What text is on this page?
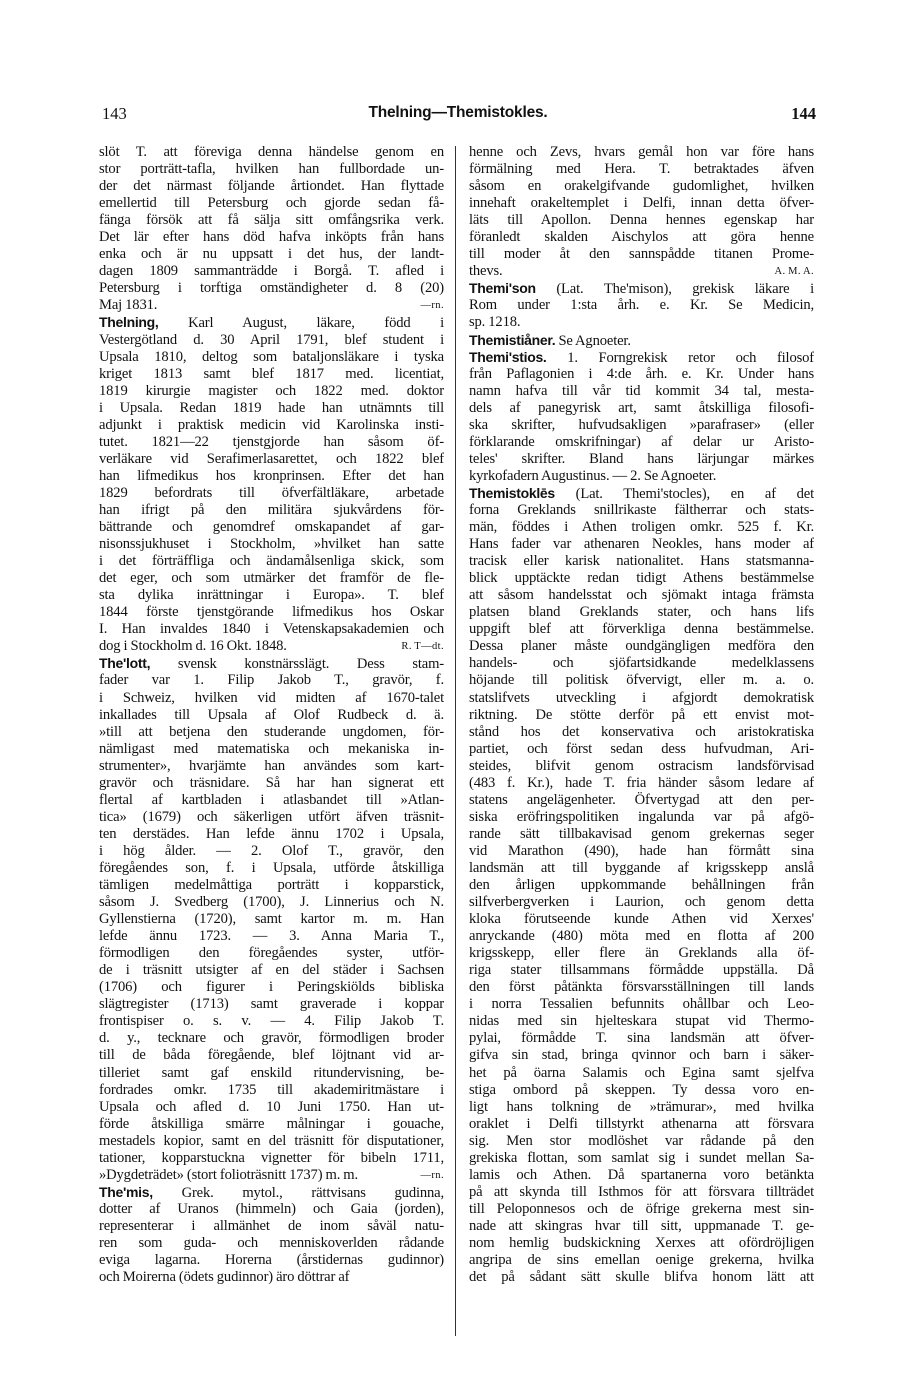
143	Thelning—Themistokles.	144
slöt T. att föreviga denna händelse genom en
stor porträtt-tafla, hvilken han fullbordade un-
der det närmast följande årtiondet. Han flyttade
emellertid till Petersburg och gjorde sedan få-
fänga försök att få sälja sitt omfångsrika verk.
Det lär efter hans död hafva inköpts från hans
enka och är nu uppsatt i det hus, der landt-
dagen 1809 sammanträdde i Borgå. T. afled i
Petersburg i torftiga omständigheter d. 8 (20)
Maj 1831.	—rn.
Thelning, Karl August, läkare, född i
Vestergötland d. 30 April 1791, blef student i
Upsala 1810, deltog som bataljonsläkare i tyska
kriget 1813 samt blef 1817 med. licentiat,
1819 kirurgie magister och 1822 med. doktor
i Upsala. Redan 1819 hade han utnämnts till
adjunkt i praktisk medicin vid Karolinska insti-
tutet. 1821—22 tjenstgjorde han såsom öf-
verläkare vid Serafimerlasarettet, och 1822 blef
han lifmedikus hos kronprinsen. Efter det han
1829 befordrats till öfverfältläkare, arbetade
han ifrigt på den militära sjukvårdens för-
bättrande och genomdref omskapandet af gar-
nisonssjukhuset i Stockholm, »hvilket han satte
i det förträffliga och ändamålsenliga skick, som
det eger, och som utmärker det framför de fle-
sta dylika inrättningar i Europa». T. blef
1844 förste tjenstgörande lifmedikus hos Oskar
I. Han invaldes 1840 i Vetenskapsakademien och
dog i Stockholm d. 16 Okt. 1848.	R. T—dt.
The'lott, svensk konstnärsslägt. Dess stam-
fader var 1. Filip Jakob T., gravör, f.
i Schweiz, hvilken vid midten af 1670-talet
inkallades till Upsala af Olof Rudbeck d. ä.
»till att betjena den studerande ungdomen, för-
nämligast med matematiska och mekaniska in-
strumenter», hvarjämte han användes som kart-
gravör och träsnidare. Så har han signerat ett
flertal af kartbladen i atlasbandet till »Atlan-
tica» (1679) och säkerligen utfört äfven träsnit-
ten derstädes. Han lefde ännu 1702 i Upsala,
i hög ålder. — 2. Olof T., gravör, den
föregåendes son, f. i Upsala, utförde åtskilliga
tämligen medelmåttiga porträtt i kopparstick,
såsom J. Svedberg (1700), J. Linnerius och N.
Gyllenstierna (1720), samt kartor m. m. Han
lefde ännu 1723. — 3. Anna Maria T.,
förmodligen den föregåendes syster, utför-
de i träsnitt utsigter af en del städer i Sachsen
(1706) och figurer i Peringskiölds bibliska
slägtregister (1713) samt graverade i koppar
frontispiser o. s. v. — 4. Filip Jakob T.
d. y., tecknare och gravör, förmodligen broder
till de båda föregående, blef löjtnant vid ar-
tilleriet samt gaf enskild ritundervisning, be-
fordrades omkr. 1735 till akademiritmästare i
Upsala och afled d. 10 Juni 1750. Han ut-
förde åtskilliga smärre målningar i gouache,
mestadels kopior, samt en del träsnitt för disputationer,
tationer, kopparstuckna vignetter för bibeln 1711,
»Dygdeträdet» (stort folioträsnitt 1737) m. m.	—rn.
The'mis, Grek. mytol., rättvisans gudinna,
dotter af Uranos (himmeln) och Gaia (jorden),
representerar i allmänhet de inom såväl natu-
ren som guda- och menniskoverlden rådande
eviga lagarna. Horerna (årstidernas gudinnor)
och Moirerna (ödets gudinnor) äro döttrar af
henne och Zevs, hvars gemål hon var före hans
förmälning med Hera. T. betraktades äfven
såsom en orakelgifvande gudomlighet, hvilken
innehaft orakeltemplet i Delfi, innan detta öfver-
läts till Apollon. Denna hennes egenskap har
föranledt skalden Aischylos att göra henne
till moder åt den sannspådde titanen Prome-
thevs.	A. M. A.
Themi'son (Lat. The'mison), grekisk läkare i
Rom under 1:sta årh. e. Kr. Se Medicin,
sp. 1218.
Themistiåner. Se Agnoeter.
Themi'stios. 1. Forngrekisk retor och filosof
från Paflagonien i 4:de årh. e. Kr. Under hans
namn hafva till vår tid kommit 34 tal, mesta-
dels af panegyrisk art, samt åtskilliga filosofi-
ska skrifter, hufvudsakligen »parafraser» (eller
förklarande omskrifningar) af delar ur Aristo-
teles' skrifter. Bland hans lärjungar märkes
kyrkofadern Augustinus. — 2. Se Agnoeter.
Themistoklēs (Lat. Themi'stocles), en af det
forna Greklands snillrikaste fältherrar och stats-
män, föddes i Athen troligen omkr. 525 f. Kr.
Hans fader var athenaren Neokles, hans moder af
tracisk eller karisk nationalitet. Hans statsmanna-
blick upptäckte redan tidigt Athens bestämmelse
att såsom handelsstat och sjömakt intaga främsta
platsen bland Greklands stater, och hans lifs
uppgift blef att förverkliga denna bestämmelse.
Dessa planer måste oundgängligen medföra den
handels- och sjöfartsidkande medelklassens
höjande till politisk öfvervigt, eller m. a. o.
statslifvets utveckling i afgjordt demokratisk
riktning. De stötte derför på ett envist mot-
stånd hos det konservativa och aristokratiska
partiet, och först sedan dess hufvudman, Ari-
steides, blifvit genom ostracism landsförvisad
(483 f. Kr.), hade T. fria händer såsom ledare af
statens angelägenheter. Öfvertygad att den per-
siska eröfringspolitiken ingalunda var på afgö-
rande sätt tillbakavisad genom grekernas seger
vid Marathon (490), hade han förmått sina
landsmän att till byggande af krigsskepp anslå
den årligen uppkommande behållningen från
silfverbergverken i Laurion, och genom detta
kloka förutseende kunde Athen vid Xerxes'
anryckande (480) möta med en flotta af 200
krigsskepp, eller flere än Greklands alla öf-
riga stater tillsammans förmådde uppställa. Då
den först påtänkta försvarsställningen till lands
i norra Tessalien befunnits ohållbar och Leo-
nidas med sin hjelteskara stupat vid Thermo-
pylai, förmådde T. sina landsmän att öfver-
gifva sin stad, bringa qvinnor och barn i säker-
het på öarna Salamis och Egina samt sjelfva
stiga ombord på skeppen. Ty dessa voro en-
ligt hans tolkning de »trämurar», med hvilka
oraklet i Delfi tillstyrkt athenarna att försvara
sig. Men stor modlöshet var rådande på den
grekiska flottan, som samlat sig i sundet mellan Sa-
lamis och Athen. Då spartanerna voro betänkta
på att skynda till Isthmos för att försvara tillträdet
till Peloponnesos och de öfrige grekerna mest sin-
nade att skingras hvar till sitt, uppmanade T. ge-
nom hemlig budskickning Xerxes att ofördröjligen
angripa de sins emellan oenige grekerna, hvilka
det på sådant sätt skulle blifva honom lätt att
